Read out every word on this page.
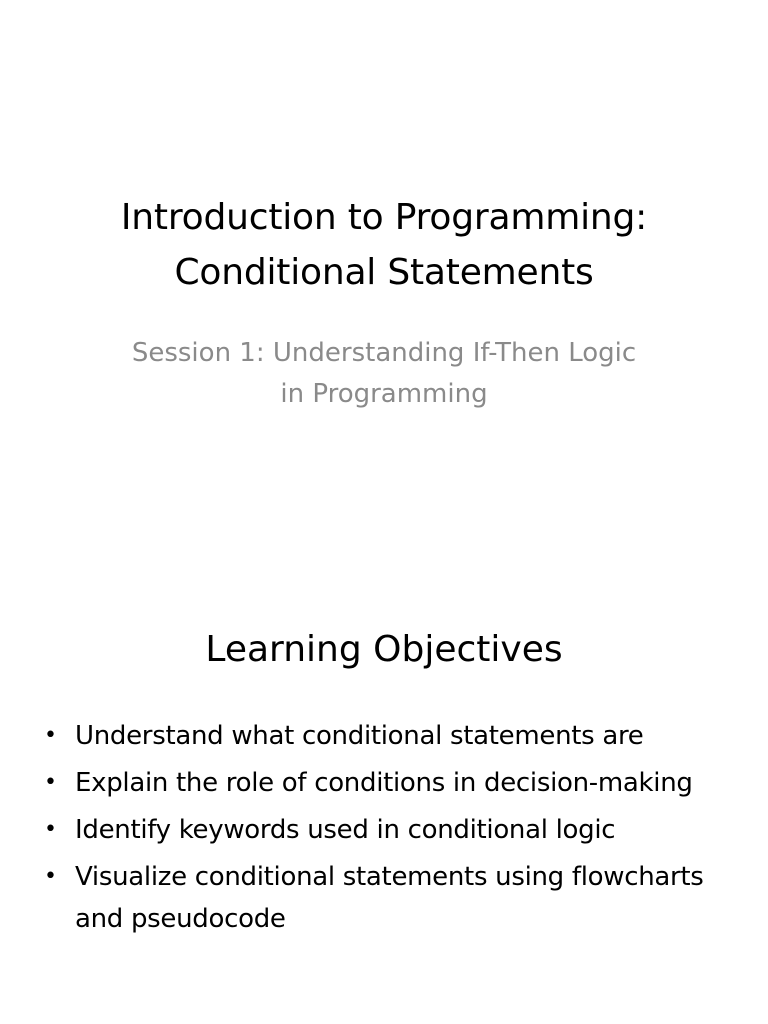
Introduction to Programming: Conditional Statements

Session 1: Understanding If-Then Logic in Programming

Learning Objectives
• Understand what conditional statements are
• Explain the role of conditions in decision-making
• Identify keywords used in conditional logic
• Visualize conditional statements using flowcharts and pseudocode
